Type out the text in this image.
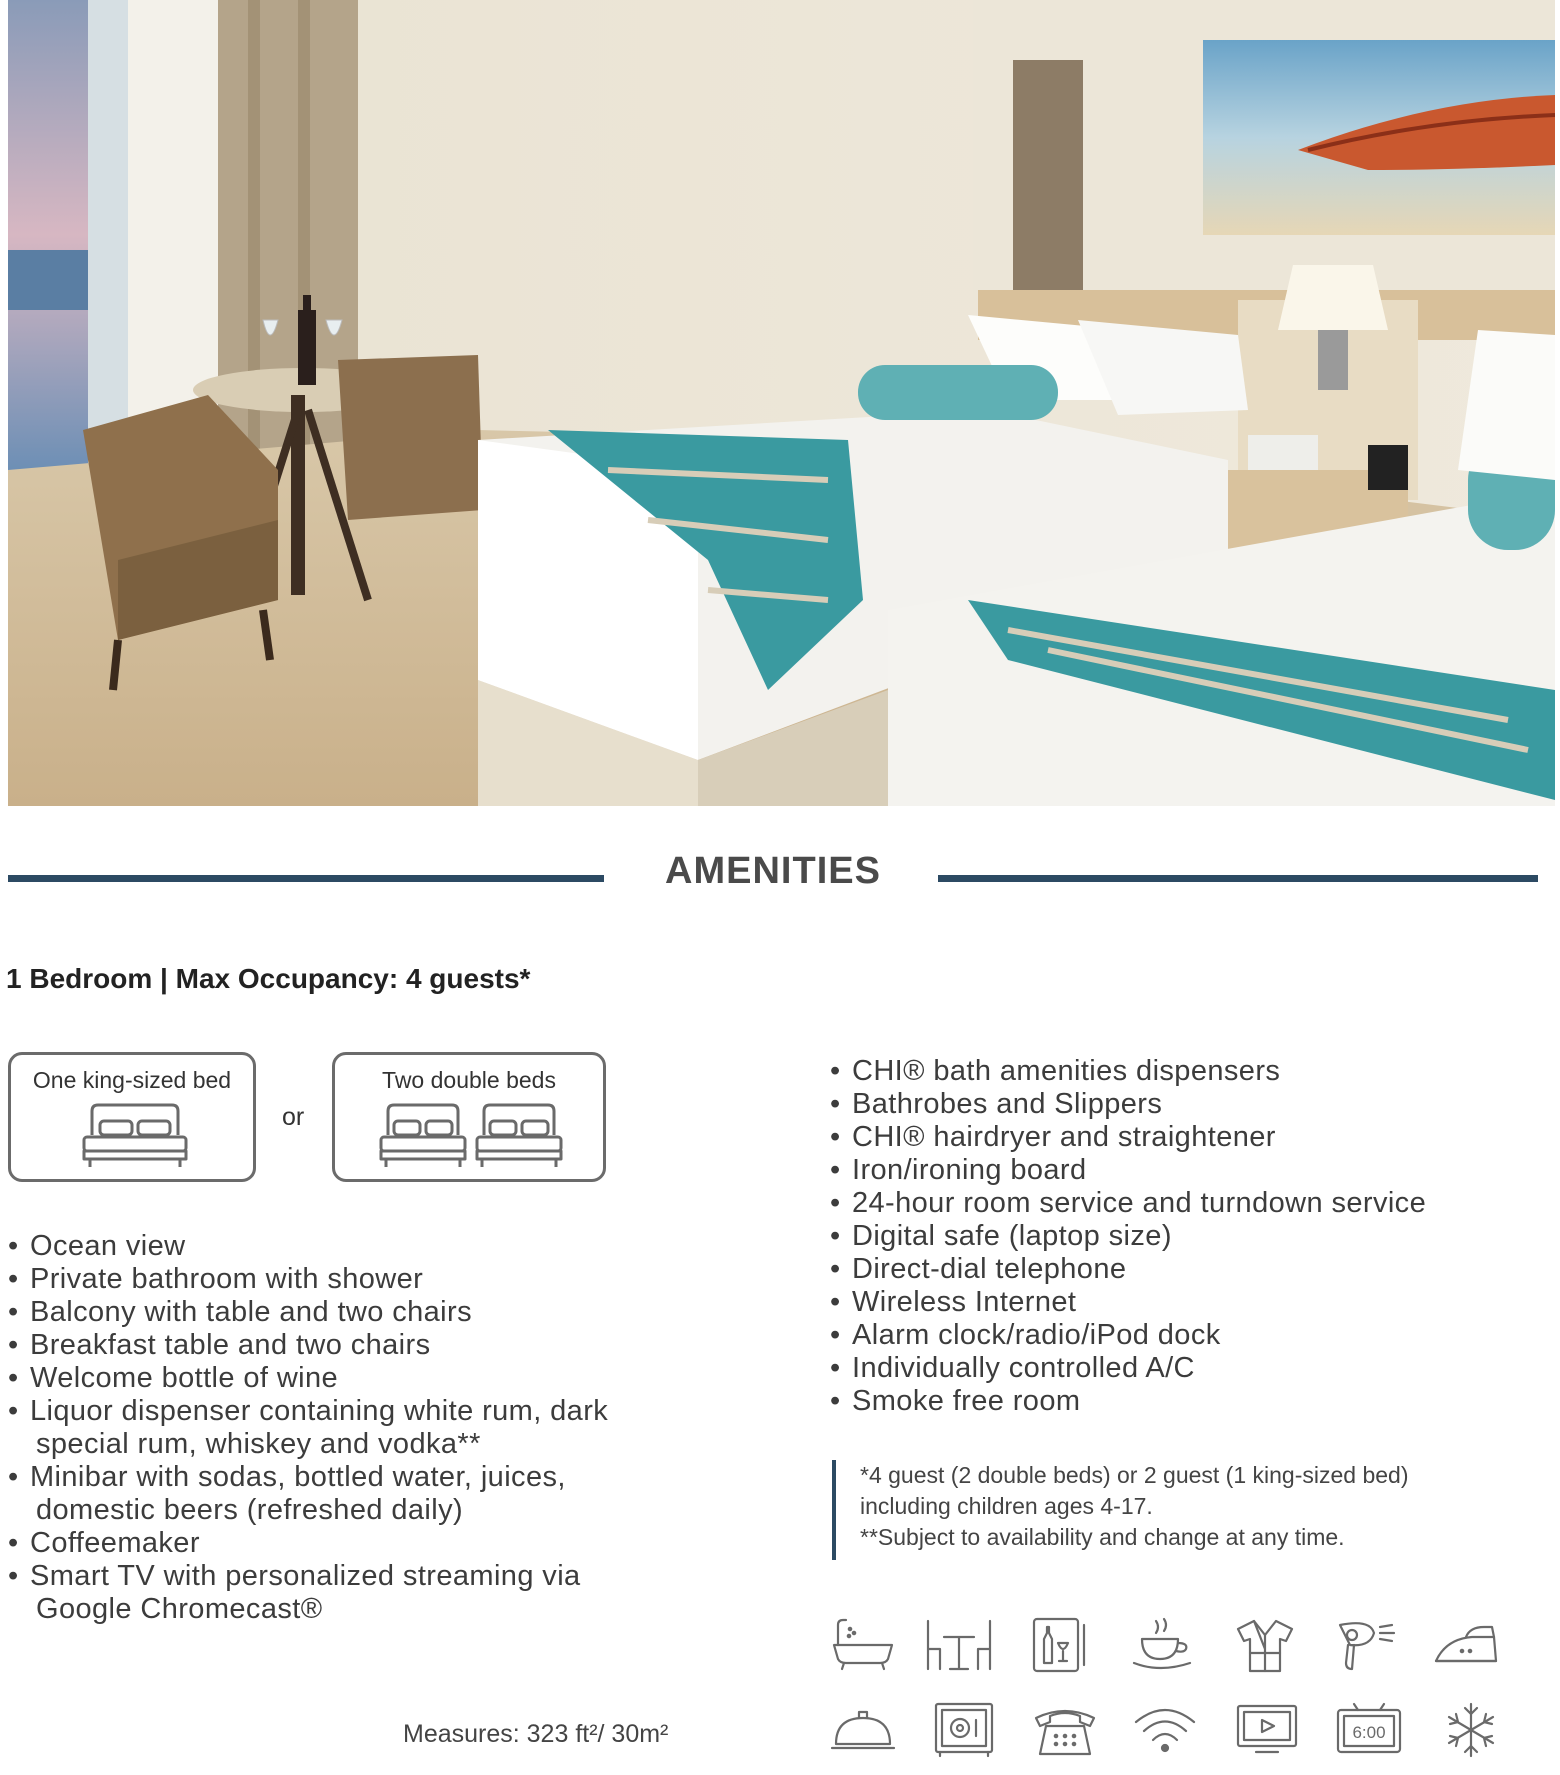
AMENITIES
1 Bedroom | Max Occupancy: 4 guests*
One king-sized bed
or
Two double beds
• Ocean view
• Private bathroom with shower
• Balcony with table and two chairs
• Breakfast table and two chairs
• Welcome bottle of wine
• Liquor dispenser containing white rum, dark
special rum, whiskey and vodka**
• Minibar with sodas, bottled water, juices,
domestic beers (refreshed daily)
• Coffeemaker
• Smart TV with personalized streaming via
Google Chromecast®
• CHI® bath amenities dispensers
• Bathrobes and Slippers
• CHI® hairdryer and straightener
• Iron/ironing board
• 24-hour room service and turndown service
• Digital safe (laptop size)
• Direct-dial telephone
• Wireless Internet
• Alarm clock/radio/iPod dock
• Individually controlled A/C
• Smoke free room
*4 guest (2 double beds) or 2 guest (1 king-sized bed)
including children ages 4-17.
**Subject to availability and change at any time.
Measures: 323 ft²/ 30m²	6:00
